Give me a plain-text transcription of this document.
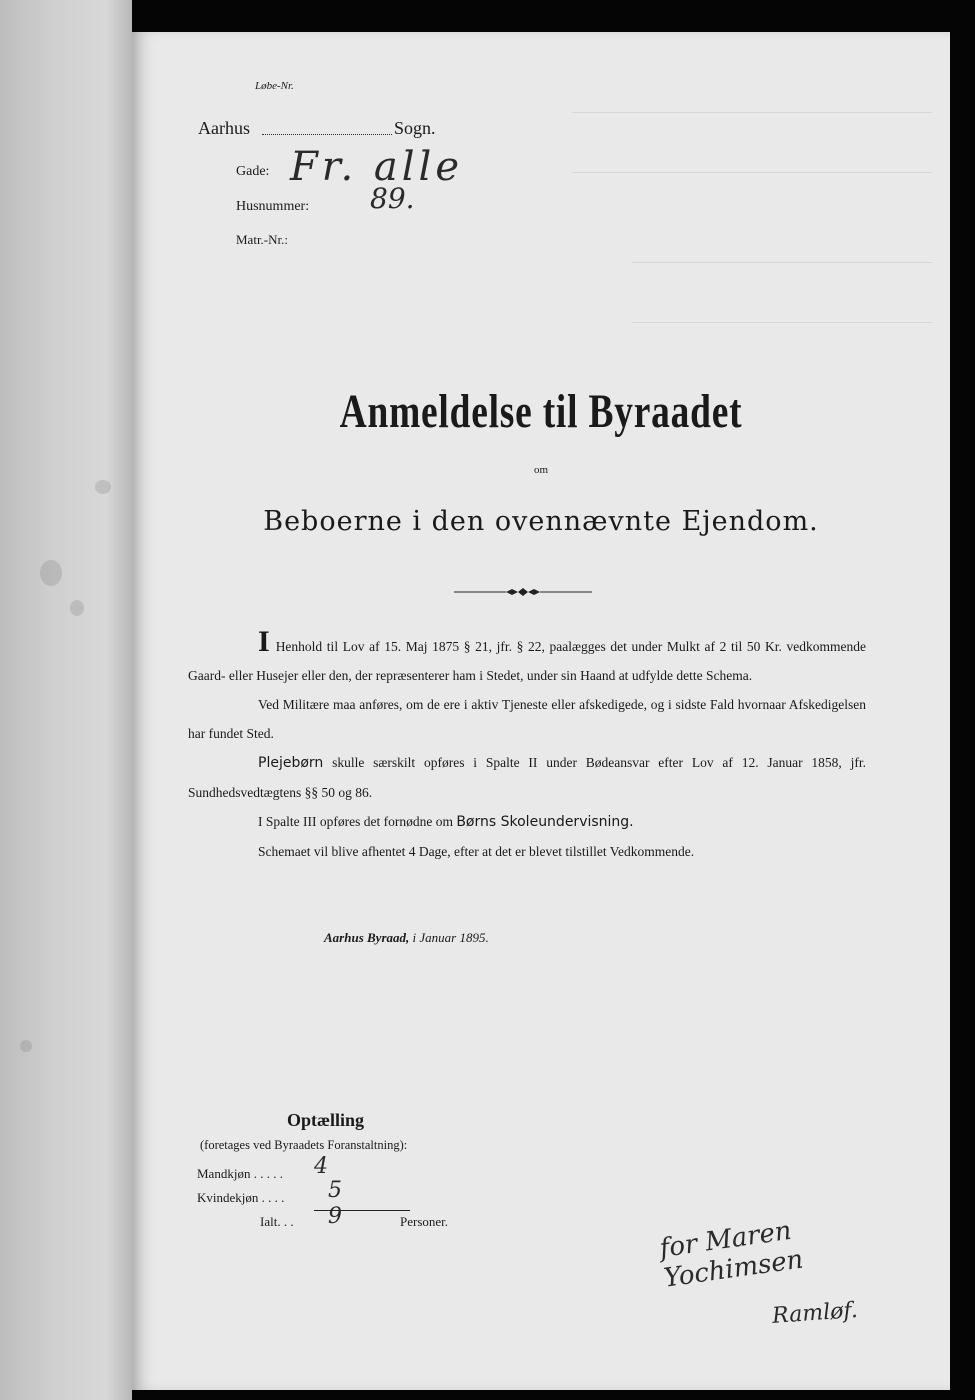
Løbe-Nr.
Aarhus	Sogn.
Gade: Fr. alle
Husnummer: 89.
Matr.-Nr.:
Anmeldelse til Byraadet
om
Beboerne i den ovennævnte Ejendom.

I Henhold til Lov af 15. Maj 1875 § 21, jfr. § 22, paalægges det under Mulkt af 2 til 50 Kr. vedkommende Gaard- eller Husejer eller den, der repræsenterer ham i Stedet, under sin Haand at udfylde dette Schema.

Ved Militære maa anføres, om de ere i aktiv Tjeneste eller afskedigede, og i sidste Fald hvornaar Afskedigelsen har fundet Sted.

Plejebørn skulle særskilt opføres i Spalte II under Bødeansvar efter Lov af 12. Januar 1858, jfr. Sundhedsvedtægtens §§ 50 og 86.

I Spalte III opføres det fornødne om Børns Skoleundervisning.

Schemaet vil blive afhentet 4 Dage, efter at det er blevet tilstillet Vedkommende.

Aarhus Byraad, i Januar 1895.
Optælling
(foretages ved Byraadets Foranstaltning):
Mandkjøn . . . . . 4
Kvindekjøn . . . . 5
Ialt. . . 9	Personer.	for Maren Yochimsen
Ramløf.
